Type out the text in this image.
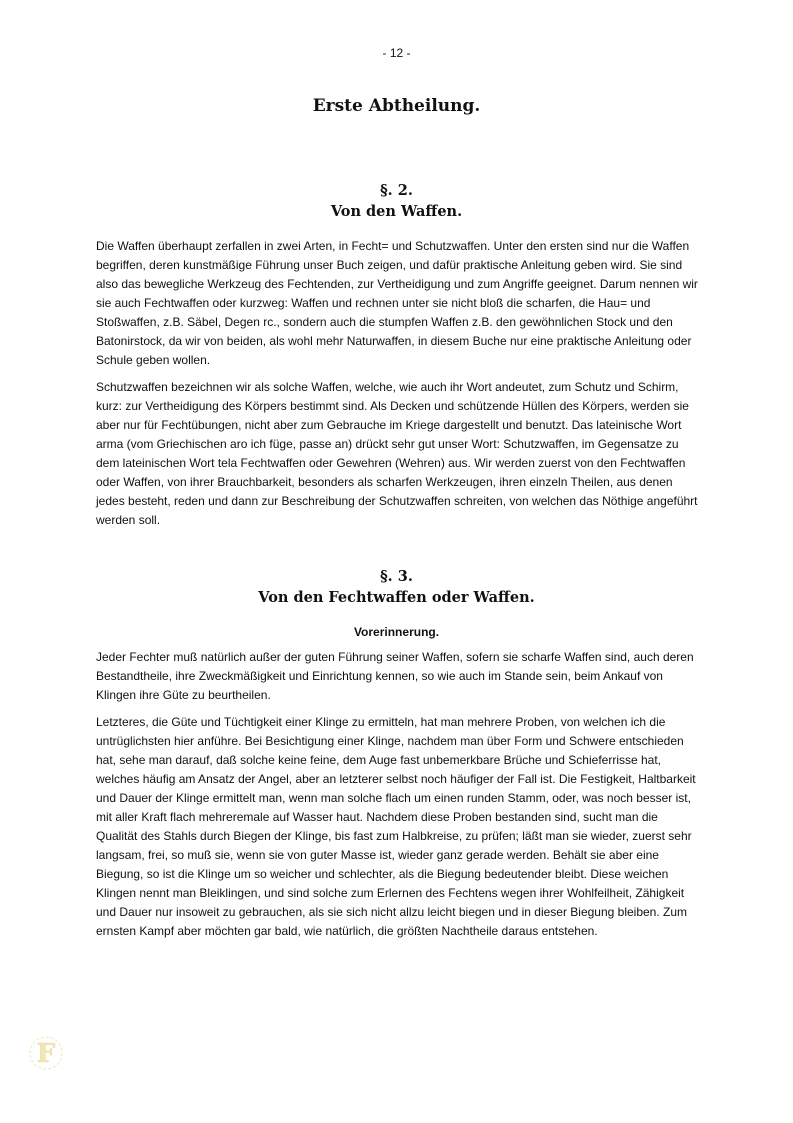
- 12 -
Erste Abtheilung.
§. 2.
Von den Waffen.

Die Waffen überhaupt zerfallen in zwei Arten, in Fecht= und Schutzwaffen. Unter den ersten sind nur die Waffen begriffen, deren kunstmäßige Führung unser Buch zeigen, und dafür praktische Anleitung geben wird. Sie sind also das bewegliche Werkzeug des Fechtenden, zur Vertheidigung und zum Angriffe geeignet. Darum nennen wir sie auch Fechtwaffen oder kurzweg: Waffen und rechnen unter sie nicht bloß die scharfen, die Hau= und Stoßwaffen, z.B. Säbel, Degen rc., sondern auch die stumpfen Waffen z.B. den gewöhnlichen Stock und den Batonirstock, da wir von beiden, als wohl mehr Naturwaffen, in diesem Buche nur eine praktische Anleitung oder Schule geben wollen.

Schutzwaffen bezeichnen wir als solche Waffen, welche, wie auch ihr Wort andeutet, zum Schutz und Schirm, kurz: zur Vertheidigung des Körpers bestimmt sind. Als Decken und schützende Hüllen des Körpers, werden sie aber nur für Fechtübungen, nicht aber zum Gebrauche im Kriege dargestellt und benutzt. Das lateinische Wort arma (vom Griechischen aro ich füge, passe an) drückt sehr gut unser Wort: Schutzwaffen, im Gegensatze zu dem lateinischen Wort tela Fechtwaffen oder Gewehren (Wehren) aus. Wir werden zuerst von den Fechtwaffen oder Waffen, von ihrer Brauchbarkeit, besonders als scharfen Werkzeugen, ihren einzeln Theilen, aus denen jedes besteht, reden und dann zur Beschreibung der Schutzwaffen schreiten, von welchen das Nöthige angeführt werden soll.

§. 3.
Von den Fechtwaffen oder Waffen.
Vorerinnerung.

Jeder Fechter muß natürlich außer der guten Führung seiner Waffen, sofern sie scharfe Waffen sind, auch deren Bestandtheile, ihre Zweckmäßigkeit und Einrichtung kennen, so wie auch im Stande sein, beim Ankauf von Klingen ihre Güte zu beurtheilen.

Letzteres, die Güte und Tüchtigkeit einer Klinge zu ermitteln, hat man mehrere Proben, von welchen ich die untrüglichsten hier anführe. Bei Besichtigung einer Klinge, nachdem man über Form und Schwere entschieden hat, sehe man darauf, daß solche keine feine, dem Auge fast unbemerkbare Brüche und Schieferrisse hat, welches häufig am Ansatz der Angel, aber an letzterer selbst noch häufiger der Fall ist. Die Festigkeit, Haltbarkeit und Dauer der Klinge ermittelt man, wenn man solche flach um einen runden Stamm, oder, was noch besser ist, mit aller Kraft flach mehreremale auf Wasser haut. Nachdem diese Proben bestanden sind, sucht man die Qualität des Stahls durch Biegen der Klinge, bis fast zum Halbkreise, zu prüfen; läßt man sie wieder, zuerst sehr langsam, frei, so muß sie, wenn sie von guter Masse ist, wieder ganz gerade werden. Behält sie aber eine Biegung, so ist die Klinge um so weicher und schlechter, als die Biegung bedeutender bleibt. Diese weichen Klingen nennt man Bleiklingen, und sind solche zum Erlernen des Fechtens wegen ihrer Wohlfeilheit, Zähigkeit und Dauer nur insoweit zu gebrauchen, als sie sich nicht allzu leicht biegen und in dieser Biegung bleiben. Zum ernsten Kampf aber möchten gar bald, wie natürlich, die größten Nachtheile daraus entstehen.

F
